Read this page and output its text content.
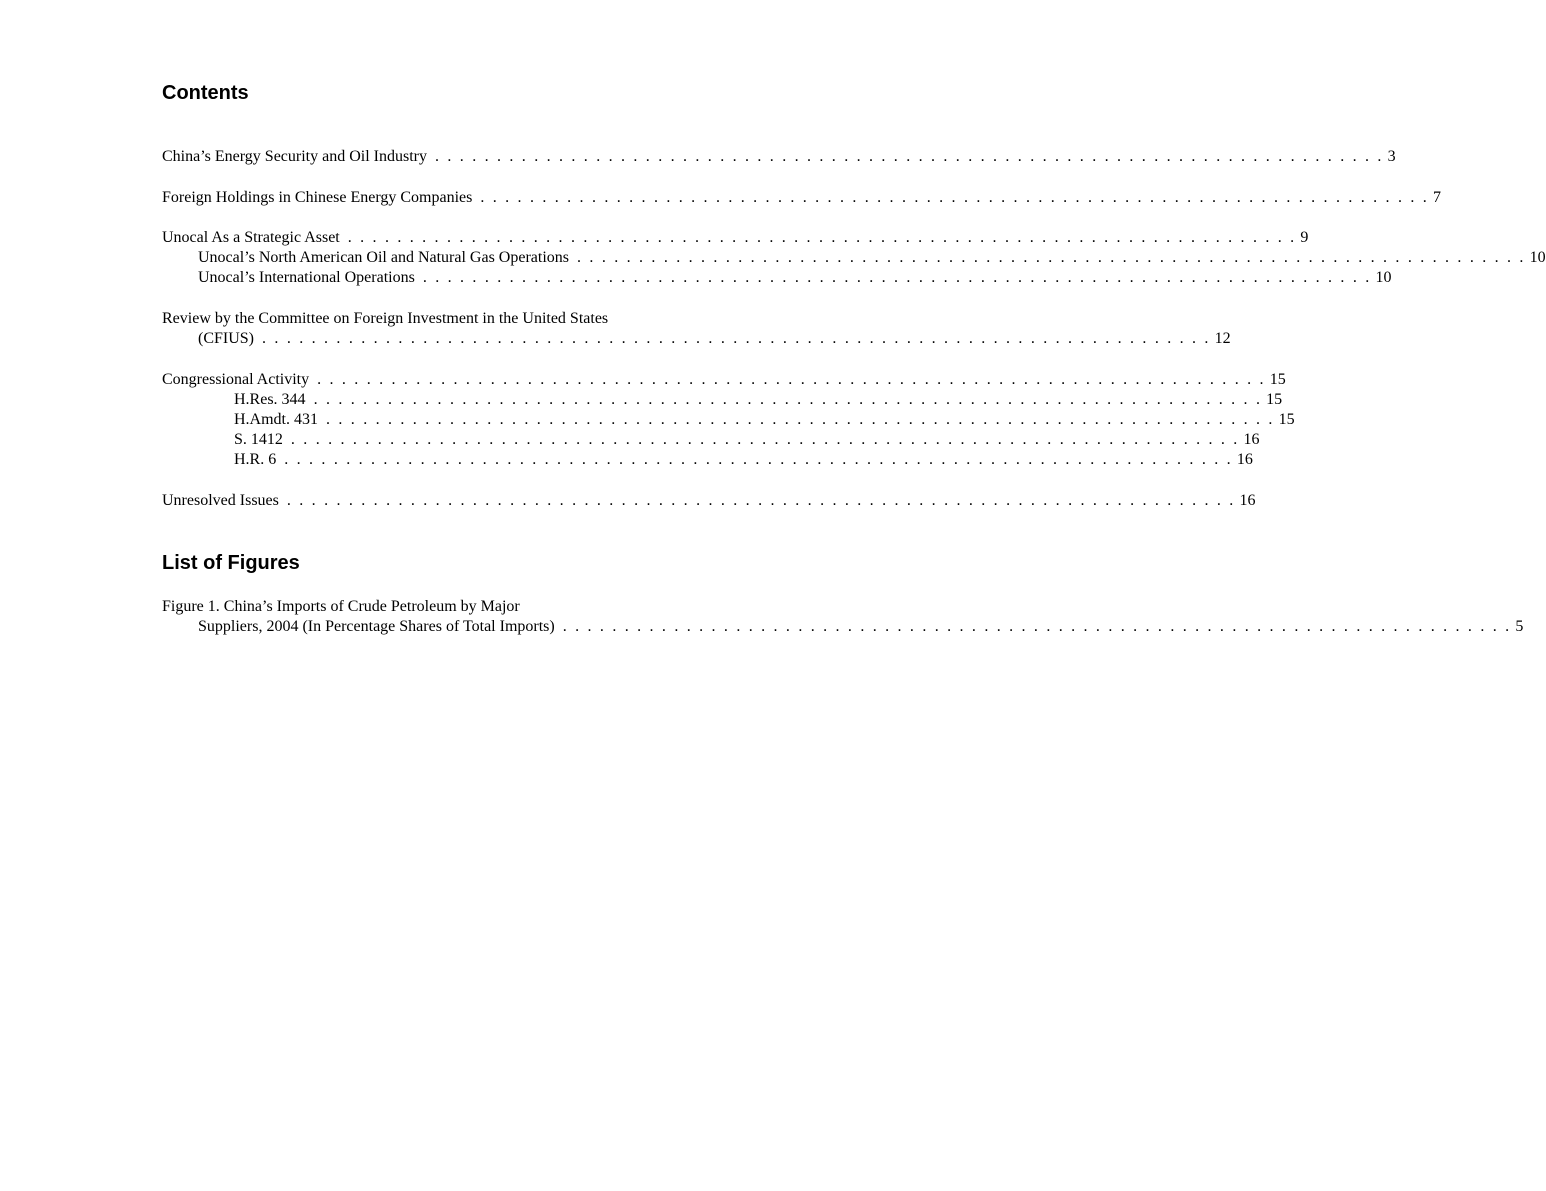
Contents
China’s Energy Security and Oil Industry . . . . . . . . . . . . . . . . . . . . . . . . . . . . . . . . . . . . . . . . . . . . . . . . . . . . . . . . . . . . . . . . . . . . . . . . . . . . . 3
Foreign Holdings in Chinese Energy Companies . . . . . . . . . . . . . . . . . . . . . . . . . . . . . . . . . . . . . . . . . . . . . . . . . . . . . . . . . . . . . . . . . . . . . . . . . . . . . 7
Unocal As a Strategic Asset . . . . . . . . . . . . . . . . . . . . . . . . . . . . . . . . . . . . . . . . . . . . . . . . . . . . . . . . . . . . . . . . . . . . . . . . . . . . . 9
Unocal’s North American Oil and Natural Gas Operations . . . . . . . . . . . . . . . . . . . . . . . . . . . . . . . . . . . . . . . . . . . . . . . . . . . . . . . . . . . . . . . . . . . . . . . . . . . . . 10
Unocal’s International Operations . . . . . . . . . . . . . . . . . . . . . . . . . . . . . . . . . . . . . . . . . . . . . . . . . . . . . . . . . . . . . . . . . . . . . . . . . . . . . 10
Review by the Committee on Foreign Investment in the United States
(CFIUS) . . . . . . . . . . . . . . . . . . . . . . . . . . . . . . . . . . . . . . . . . . . . . . . . . . . . . . . . . . . . . . . . . . . . . . . . . . . . . 12
Congressional Activity . . . . . . . . . . . . . . . . . . . . . . . . . . . . . . . . . . . . . . . . . . . . . . . . . . . . . . . . . . . . . . . . . . . . . . . . . . . . . 15
H.Res. 344 . . . . . . . . . . . . . . . . . . . . . . . . . . . . . . . . . . . . . . . . . . . . . . . . . . . . . . . . . . . . . . . . . . . . . . . . . . . . . 15
H.Amdt. 431 . . . . . . . . . . . . . . . . . . . . . . . . . . . . . . . . . . . . . . . . . . . . . . . . . . . . . . . . . . . . . . . . . . . . . . . . . . . . . 15
S. 1412 . . . . . . . . . . . . . . . . . . . . . . . . . . . . . . . . . . . . . . . . . . . . . . . . . . . . . . . . . . . . . . . . . . . . . . . . . . . . . 16
H.R. 6 . . . . . . . . . . . . . . . . . . . . . . . . . . . . . . . . . . . . . . . . . . . . . . . . . . . . . . . . . . . . . . . . . . . . . . . . . . . . . 16
Unresolved Issues . . . . . . . . . . . . . . . . . . . . . . . . . . . . . . . . . . . . . . . . . . . . . . . . . . . . . . . . . . . . . . . . . . . . . . . . . . . . . 16
List of Figures
Figure 1. China’s Imports of Crude Petroleum by Major
Suppliers, 2004 (In Percentage Shares of Total Imports) . . . . . . . . . . . . . . . . . . . . . . . . . . . . . . . . . . . . . . . . . . . . . . . . . . . . . . . . . . . . . . . . . . . . . . . . . . . . . 5
